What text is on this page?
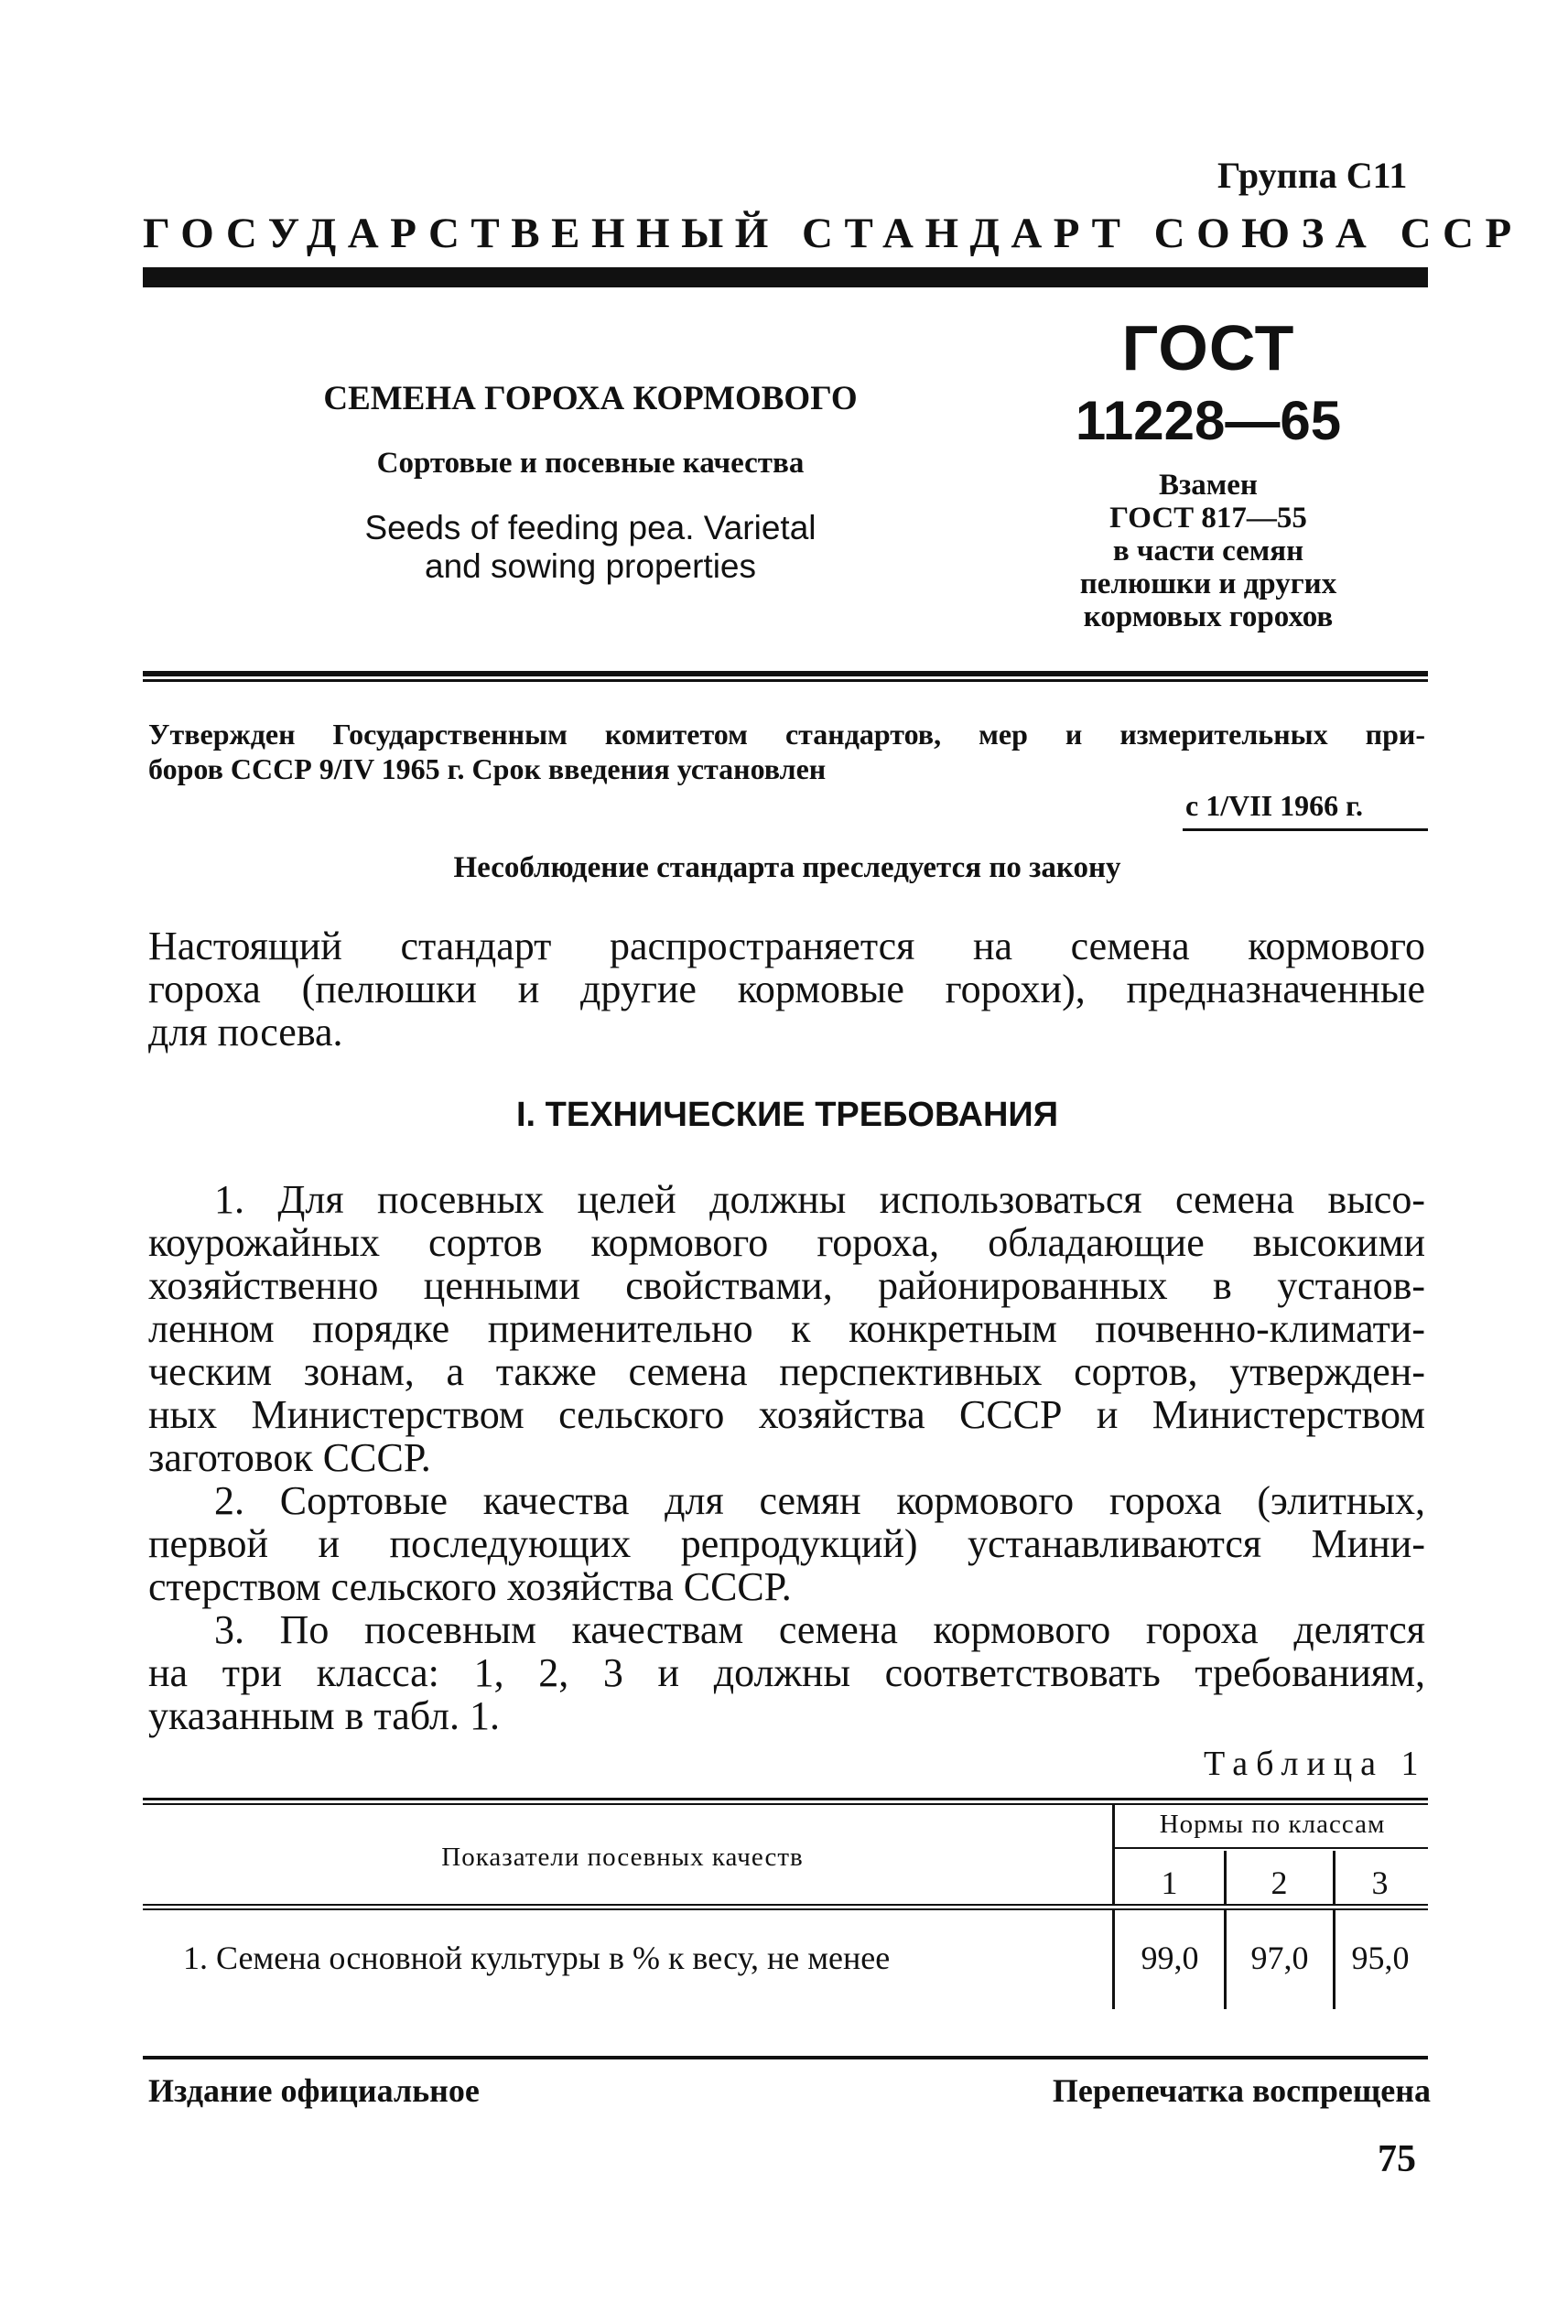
Группа С11
ГОСУДАРСТВЕННЫЙ СТАНДАРТ СОЮЗА ССР
СЕМЕНА ГОРОХА КОРМОВОГО
Сортовые и посевные качества
Seeds of feeding pea. Varietal
and sowing properties
ГОСТ
11228—65
Взамен
ГОСТ 817—55
в части семян
пелюшки и других
кормовых горохов
Утвержден Государственным комитетом стандартов, мер и измерительных при-
боров СССР 9/IV 1965 г. Срок введения установлен
с 1/VII 1966 г.
Несоблюдение стандарта преследуется по закону
Настоящий стандарт распространяется на семена кормового
гороха (пелюшки и другие кормовые горохи), предназначенные
для посева.
I. ТЕХНИЧЕСКИЕ ТРЕБОВАНИЯ
1. Для посевных целей должны использоваться семена высо-
коурожайных сортов кормового гороха, обладающие высокими
хозяйственно ценными свойствами, районированных в установ-
ленном порядке применительно к конкретным почвенно-климати-
ческим зонам, а также семена перспективных сортов, утвержден-
ных Министерством сельского хозяйства СССР и Министерством
заготовок СССР.
2. Сортовые качества для семян кормового гороха (элитных,
первой и последующих репродукций) устанавливаются Мини-
стерством сельского хозяйства СССР.
3. По посевным качествам семена кормового гороха делятся
на три класса: 1, 2, 3 и должны соответствовать требованиям,
указанным в табл. 1.
Таблица 1
Показатели посевных качеств
Нормы по классам
1	2	3
1. Семена основной культуры в % к весу, не менее	99,0	97,0	95,0
Издание официальное	Перепечатка воспрещена
75
